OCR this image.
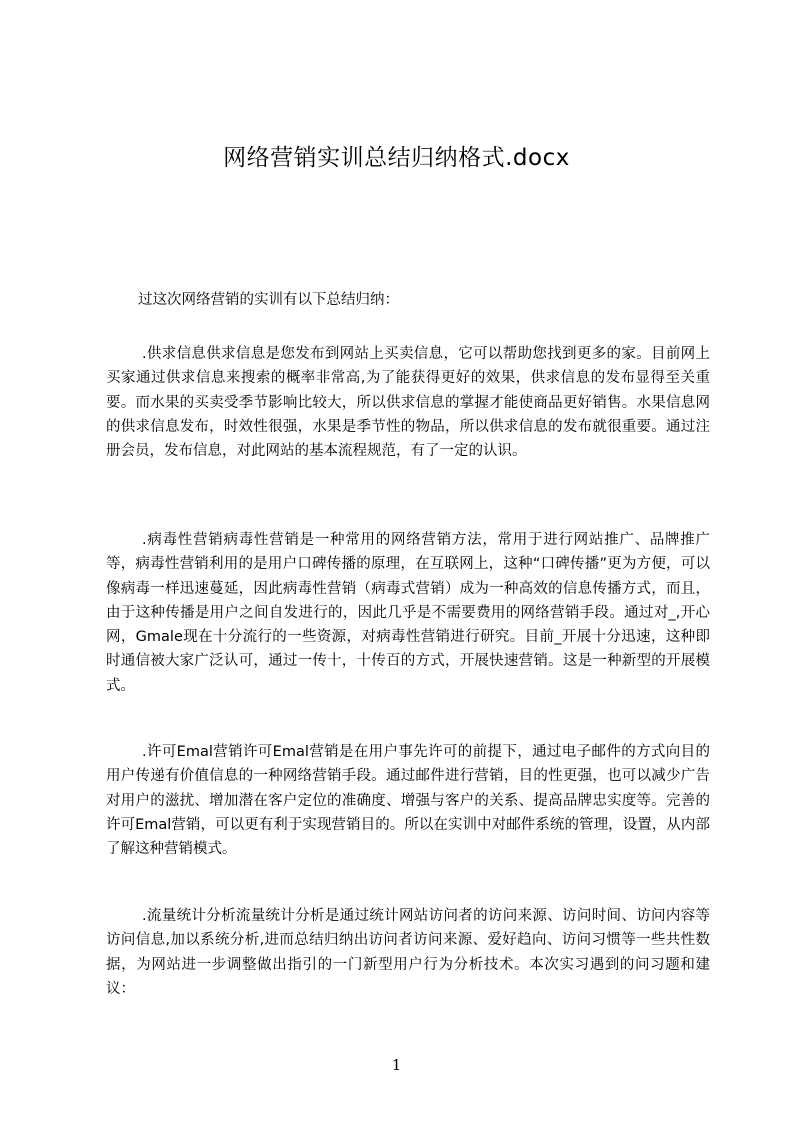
网络营销实训总结归纳格式.docx
过这次网络营销的实训有以下总结归纳：
.供求信息供求信息是您发布到网站上买卖信息，它可以帮助您找到更多的家。目前网上买家通过供求信息来搜索的概率非常高,为了能获得更好的效果，供求信息的发布显得至关重要。而水果的买卖受季节影响比较大，所以供求信息的掌握才能使商品更好销售。水果信息网的供求信息发布，时效性很强，水果是季节性的物品，所以供求信息的发布就很重要。通过注册会员，发布信息，对此网站的基本流程规范，有了一定的认识。
.病毒性营销病毒性营销是一种常用的网络营销方法，常用于进行网站推广、品牌推广等，病毒性营销利用的是用户口碑传播的原理，在互联网上，这种“口碑传播”更为方便，可以像病毒一样迅速蔓延，因此病毒性营销（病毒式营销）成为一种高效的信息传播方式，而且，由于这种传播是用户之间自发进行的，因此几乎是不需要费用的网络营销手段。通过对_,开心网，Gmale现在十分流行的一些资源，对病毒性营销进行研究。目前_开展十分迅速，这种即时通信被大家广泛认可，通过一传十，十传百的方式，开展快速营销。这是一种新型的开展模式。
.许可Emal营销许可Emal营销是在用户事先许可的前提下，通过电子邮件的方式向目的用户传递有价值信息的一种网络营销手段。通过邮件进行营销，目的性更强，也可以减少广告对用户的滋扰、增加潜在客户定位的准确度、增强与客户的关系、提高品牌忠实度等。完善的许可Emal营销，可以更有利于实现营销目的。所以在实训中对邮件系统的管理，设置，从内部了解这种营销模式。
.流量统计分析流量统计分析是通过统计网站访问者的访问来源、访问时间、访问内容等访问信息,加以系统分析,进而总结归纳出访问者访问来源、爱好趋向、访问习惯等一些共性数据，为网站进一步调整做出指引的一门新型用户行为分析技术。本次实习遇到的问习题和建议：
1
